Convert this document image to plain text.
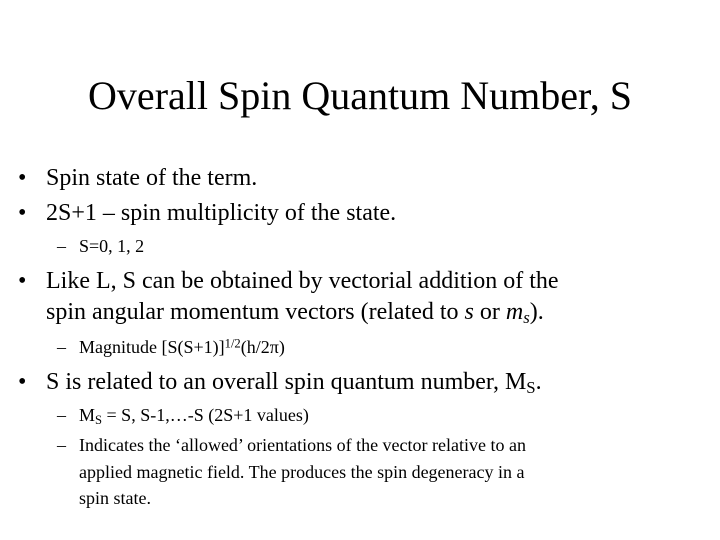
Overall Spin Quantum Number, S
• Spin state of the term.
• 2S+1 – spin multiplicity of the state.
– S=0, 1, 2
• Like L, S can be obtained by vectorial addition of the
spin angular momentum vectors (related to s or $m_s$).
– Magnitude $[S(S+1)]^{1/2}(h/2\pi)$
• S is related to an overall spin quantum number, $M_S$.
– $M_S = S$, S-1,…-S (2S+1 values)
– Indicates the ‘allowed’ orientations of the vector relative to an
applied magnetic field. The produces the spin degeneracy in a
spin state.
